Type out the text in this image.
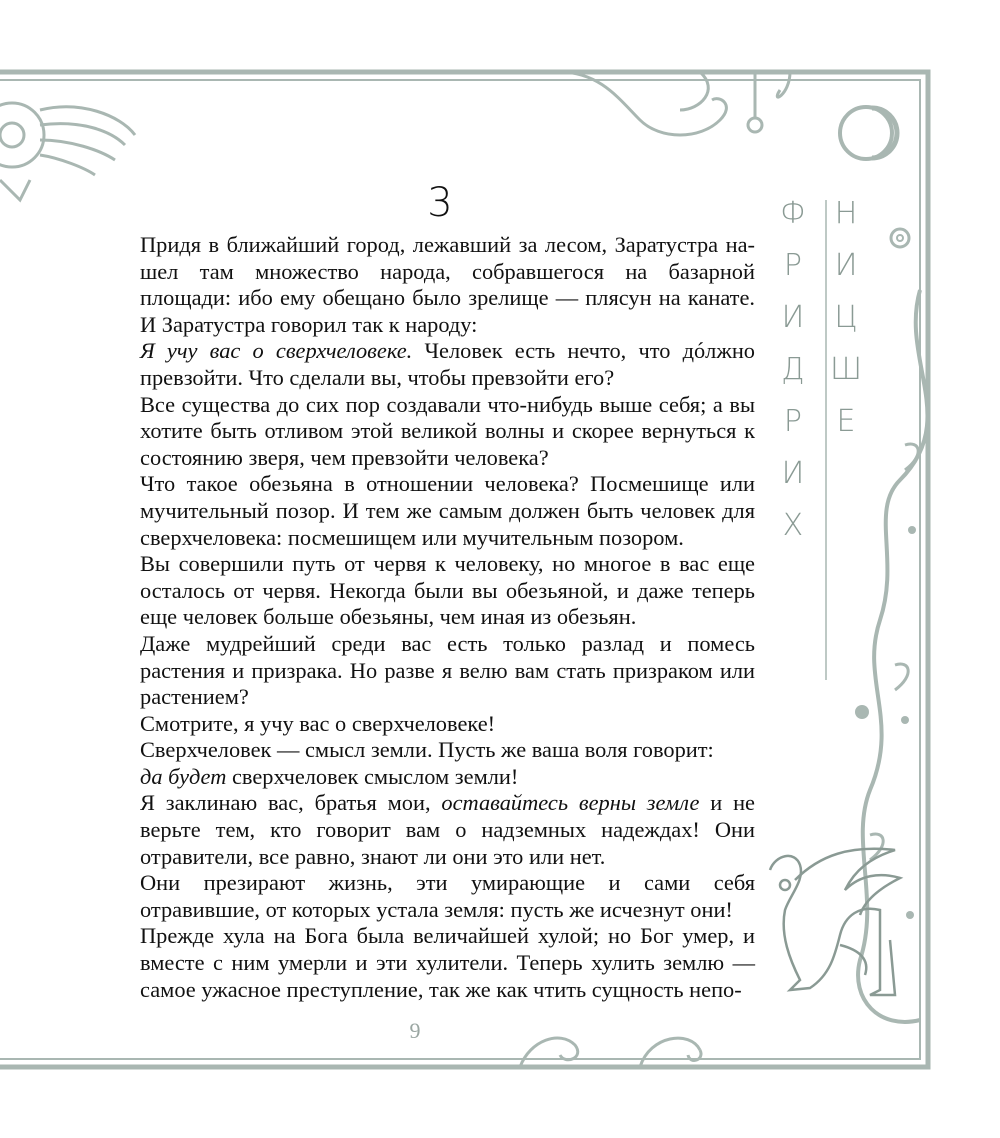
3	Ф
Р
И
Д
Р
И
Х
Н
И
Ц
Ш
Е

Придя в ближайший город, лежавший за лесом, Заратустра на-шел там множество народа, собравшегося на базарной площади: ибо ему обещано было зрелище — плясун на канате. И Заратустра говорил так к народу:

Я учу вас о сверхчеловеке. Человек есть нечто, что дóлжно превзойти. Что сделали вы, чтобы превзойти его?

Все существа до сих пор создавали что-нибудь выше себя; а вы хотите быть отливом этой великой волны и скорее вернуться к состоянию зверя, чем превзойти человека?

Что такое обезьяна в отношении человека? Посмешище или мучительный позор. И тем же самым должен быть человек для сверхчеловека: посмешищем или мучительным позором.

Вы совершили путь от червя к человеку, но многое в вас еще осталось от червя. Некогда были вы обезьяной, и даже теперь еще человек больше обезьяны, чем иная из обезьян.

Даже мудрейший среди вас есть только разлад и помесь растения и призрака. Но разве я велю вам стать призраком или растением?

Смотрите, я учу вас о сверхчеловеке!

Сверхчеловек — смысл земли. Пусть же ваша воля говорит:

да будет сверхчеловек смыслом земли!

Я заклинаю вас, братья мои, оставайтесь верны земле и не верьте тем, кто говорит вам о надземных надеждах! Они отравители, все равно, знают ли они это или нет.

Они презирают жизнь, эти умирающие и сами себя отравившие, от которых устала земля: пусть же исчезнут они!

Прежде хула на Бога была величайшей хулой; но Бог умер, и вместе с ним умерли и эти хулители. Теперь хулить землю — самое ужасное преступление, так же как чтить сущность непо-

9
